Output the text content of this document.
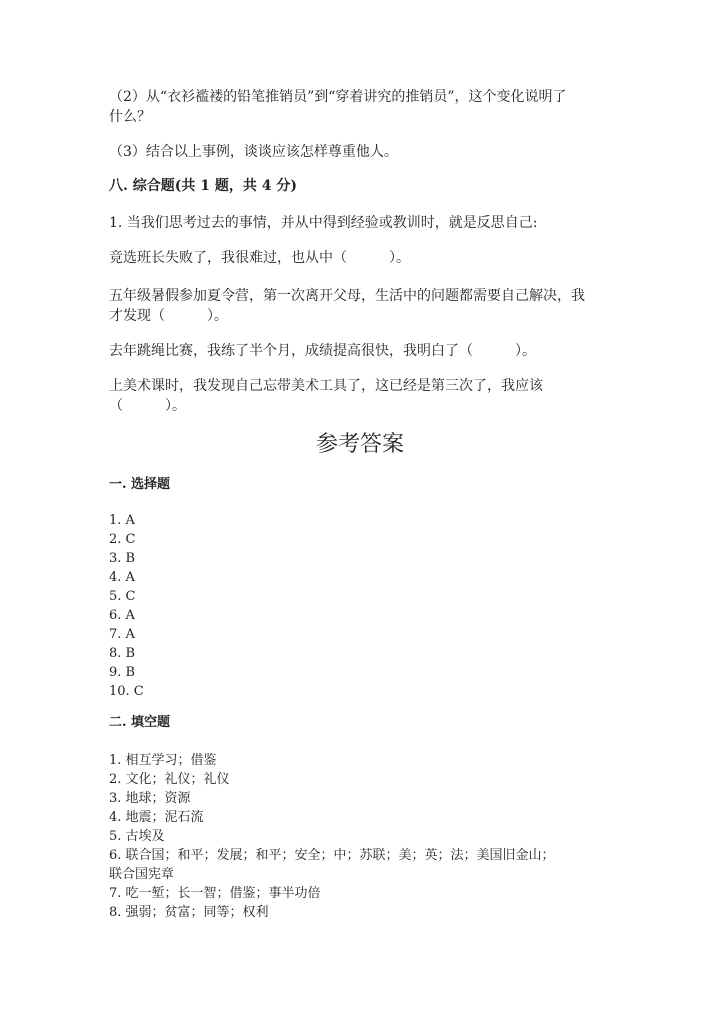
（2）从“衣衫褴褛的铅笔推销员”到“穿着讲究的推销员”，这个变化说明了
什么？
（3）结合以上事例，谈谈应该怎样尊重他人。
八. 综合题(共 1 题，共 4 分)
1. 当我们思考过去的事情，并从中得到经验或教训时，就是反思自己:
竞选班长失败了，我很难过，也从中（　　　）。
五年级暑假参加夏令营，第一次离开父母，生活中的问题都需要自己解决，我
才发现（　　　）。
去年跳绳比赛，我练了半个月，成绩提高很快，我明白了（　　　）。
上美术课时，我发现自己忘带美术工具了，这已经是第三次了，我应该
（　　　）。
参考答案
一. 选择题
1. A
2. C
3. B
4. A
5. C
6. A
7. A
8. B
9. B
10. C
二. 填空题
1. 相互学习；借鉴
2. 文化；礼仪；礼仪
3. 地球；资源
4. 地震；泥石流
5. 古埃及
6. 联合国；和平；发展；和平；安全；中；苏联；美；英；法；美国旧金山；
联合国宪章
7. 吃一堑；长一智；借鉴；事半功倍
8. 强弱；贫富；同等；权利
